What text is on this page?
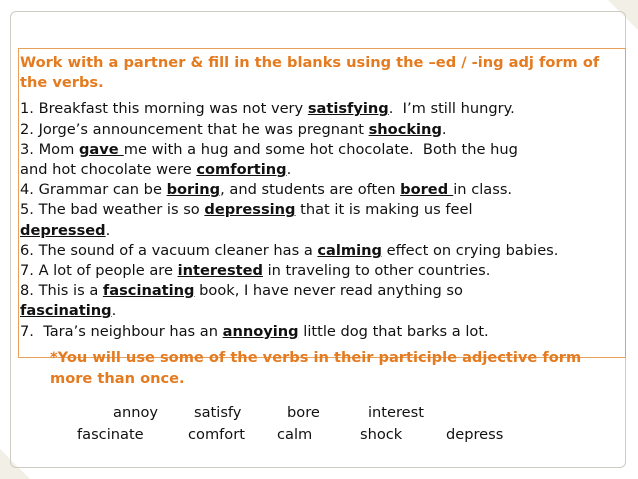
Work with a partner & fill in the blanks using the –ed / -ing adj form of the verbs.

1. Breakfast this morning was not very satisfying.  I’m still hungry.

2. Jorge’s announcement that he was pregnant shocking.

3. Mom gave me with a hug and some hot chocolate.  Both the hug
and hot chocolate were comforting.

4. Grammar can be boring, and students are often bored in class.

5. The bad weather is so depressing that it is making us feel
depressed.

6. The sound of a vacuum cleaner has a calming effect on crying babies.

7. A lot of people are interested in traveling to other countries.

8. This is a fascinating book, I have never read anything so
fascinating.

7.  Tara’s neighbour has an annoying little dog that barks a lot.

*You will use some of the verbs in their participle adjective form more than once.

annoy satisfy	bore	interest
fascinate	comfort calm	shock	depress
